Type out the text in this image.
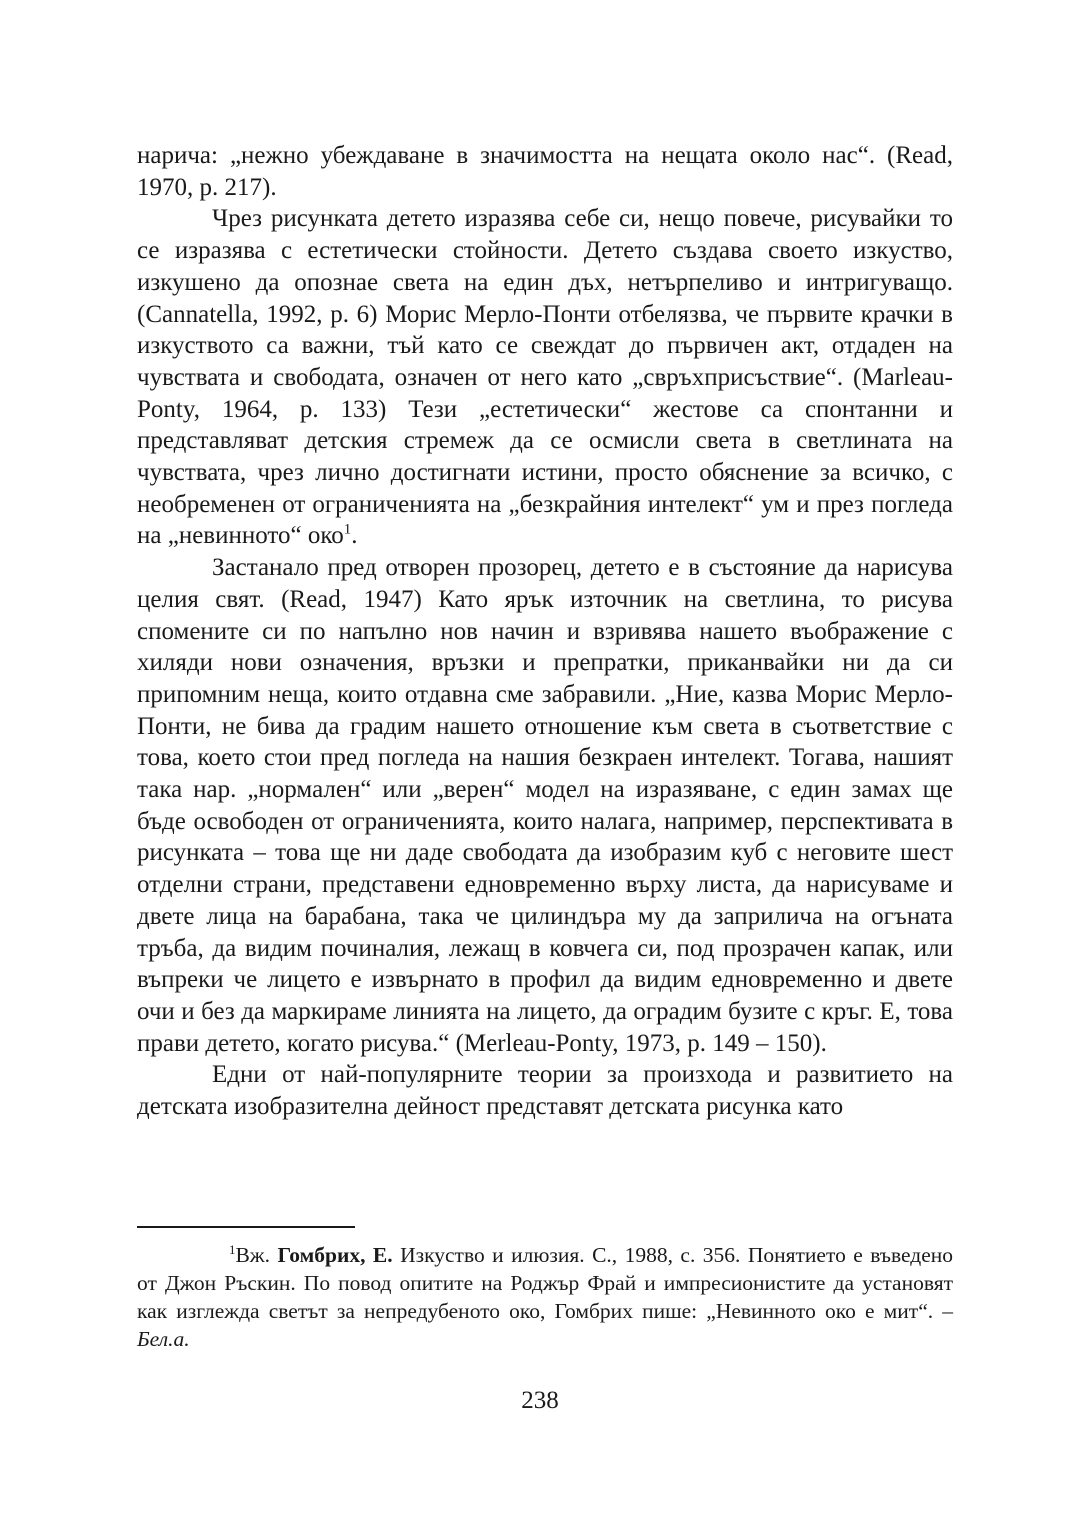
нарича: „нежно убеждаване в значимостта на нещата около нас“. (Read, 1970, p. 217).

Чрез рисунката детето изразява себе си, нещо повече, рисувайки то се изразява с естетически стойности. Детето създава своето изкуство, изкушено да опознае света на един дъх, нетърпеливо и интригуващо. (Cannatella, 1992, p. 6) Морис Мерло-Понти отбелязва, че първите крачки в изкуството са важни, тъй като се свеждат до първичен акт, отдаден на чувствата и свободата, означен от него като „свръхприсъствие“. (Marleau-Ponty, 1964, p. 133) Тези „естетически“ жестове са спонтанни и представляват детския стремеж да се осмисли света в светлината на чувствата, чрез лично достигнати истини, просто обяснение за всичко, с необременен от ограниченията на „безкрайния интелект“ ум и през погледа на „невинното“ око$^1$.

Застанало пред отворен прозорец, детето е в състояние да нарисува целия свят. (Read, 1947) Като ярък източник на светлина, то рисува спомените си по напълно нов начин и взривява нашето въображение с хиляди нови означения, връзки и препратки, приканвайки ни да си припомним неща, които отдавна сме забравили. „Ние, казва Морис Мерло-Понти, не бива да градим нашето отношение към света в съответствие с това, което стои пред погледа на нашия безкраен интелект. Тогава, нашият така нар. „нормален“ или „верен“ модел на изразяване, с един замах ще бъде освободен от ограниченията, които налага, например, перспективата в рисунката – това ще ни даде свободата да изобразим куб с неговите шест отделни страни, представени едновременно върху листа, да нарисуваме и двете лица на барабана, така че цилиндъра му да заприлича на огъната тръба, да видим починалия, лежащ в ковчега си, под прозрачен капак, или въпреки че лицето е извърнато в профил да видим едновременно и двете очи и без да маркираме линията на лицето, да оградим бузите с кръг. Е, това прави детето, когато рисува.“ (Merleau-Ponty, 1973, p. 149 – 150).

Едни от най-популярните теории за произхода и развитието на детската изобразителна дейност представят детската рисунка като

$^1$Вж. Гомбрих, Е. Изкуство и илюзия. С., 1988, с. 356. Понятието е въведено от Джон Ръскин. По повод опитите на Роджър Фрай и импресионистите да установят как изглежда светът за непредубеното око, Гомбрих пише: „Невинното око е мит“. – Бел.а.

238
